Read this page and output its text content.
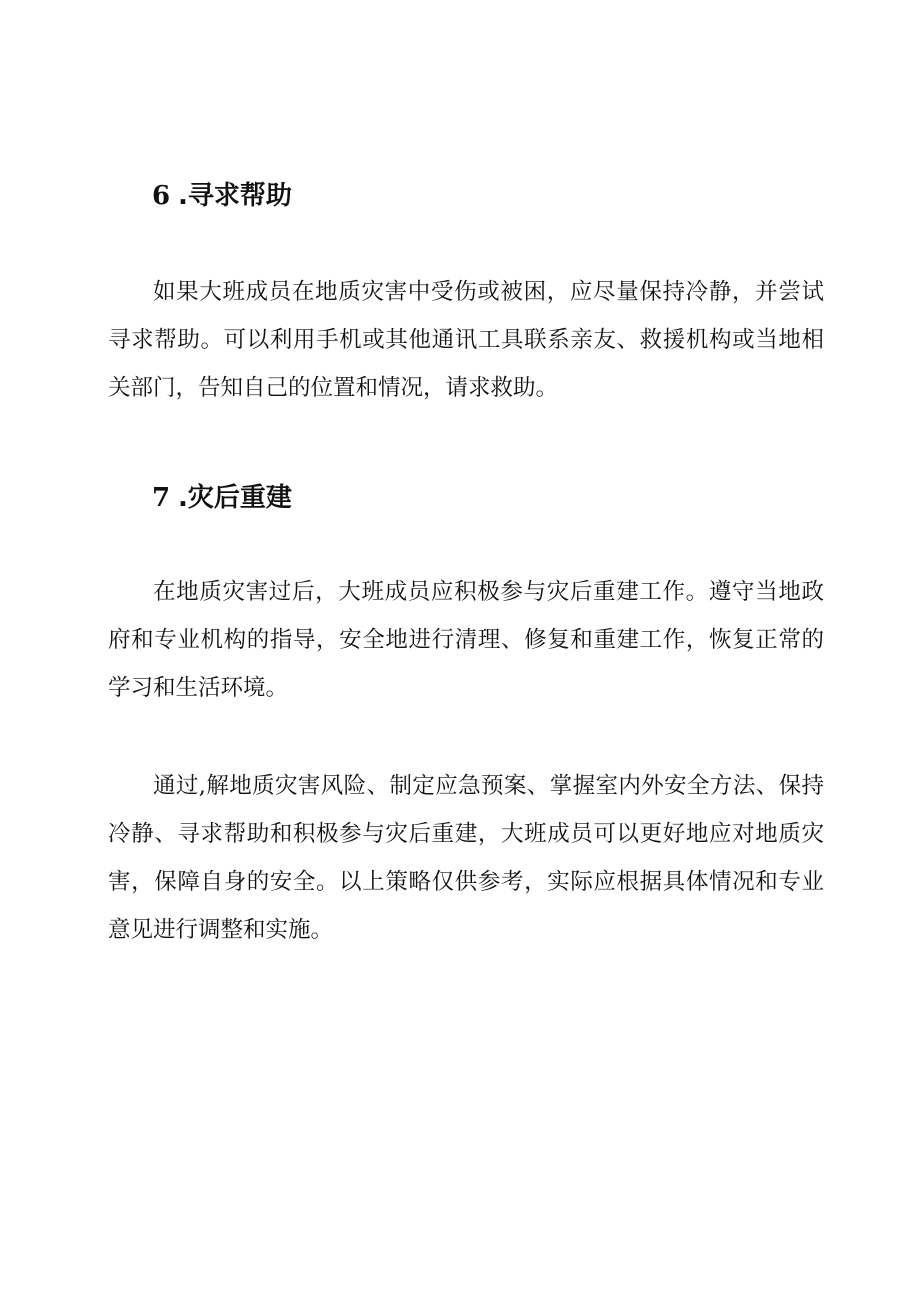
6 .寻求帮助

如果大班成员在地质灾害中受伤或被困，应尽量保持冷静，并尝试寻求帮助。可以利用手机或其他通讯工具联系亲友、救援机构或当地相关部门，告知自己的位置和情况，请求救助。

7 .灾后重建

在地质灾害过后，大班成员应积极参与灾后重建工作。遵守当地政府和专业机构的指导，安全地进行清理、修复和重建工作，恢复正常的学习和生活环境。

通过,解地质灾害风险、制定应急预案、掌握室内外安全方法、保持冷静、寻求帮助和积极参与灾后重建，大班成员可以更好地应对地质灾害，保障自身的安全。以上策略仅供参考，实际应根据具体情况和专业意见进行调整和实施。
